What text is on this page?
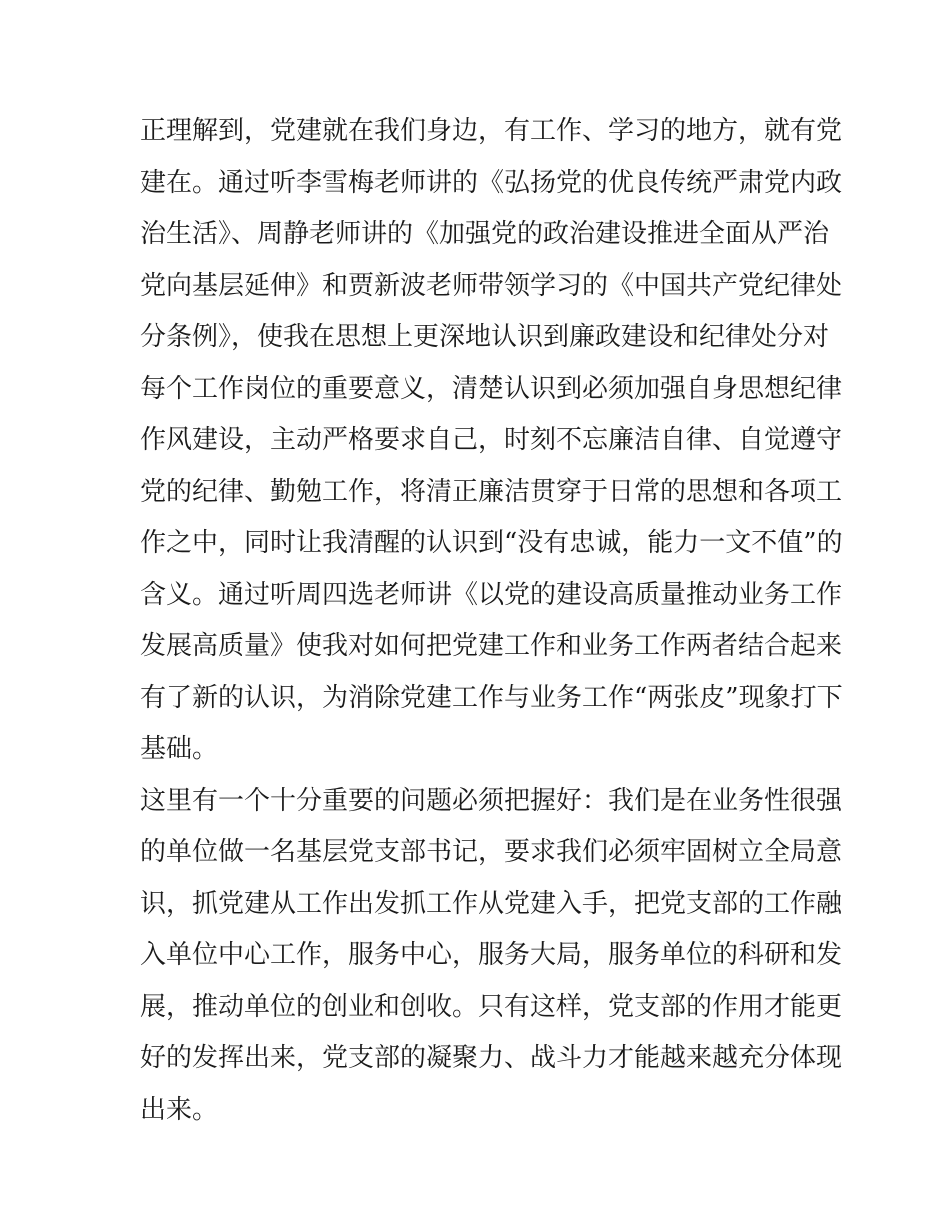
正理解到，党建就在我们身边，有工作、学习的地方，就有党
建在。通过听李雪梅老师讲的《弘扬党的优良传统严肃党内政
治生活》、周静老师讲的《加强党的政治建设推进全面从严治
党向基层延伸》和贾新波老师带领学习的《中国共产党纪律处
分条例》，使我在思想上更深地认识到廉政建设和纪律处分对
每个工作岗位的重要意义，清楚认识到必须加强自身思想纪律
作风建设，主动严格要求自己，时刻不忘廉洁自律、自觉遵守
党的纪律、勤勉工作，将清正廉洁贯穿于日常的思想和各项工
作之中，同时让我清醒的认识到“没有忠诚，能力一文不值”的
含义。通过听周四选老师讲《以党的建设高质量推动业务工作
发展高质量》使我对如何把党建工作和业务工作两者结合起来
有了新的认识，为消除党建工作与业务工作“两张皮”现象打下
基础。
这里有一个十分重要的问题必须把握好：我们是在业务性很强
的单位做一名基层党支部书记，要求我们必须牢固树立全局意
识，抓党建从工作出发抓工作从党建入手，把党支部的工作融
入单位中心工作，服务中心，服务大局，服务单位的科研和发
展，推动单位的创业和创收。只有这样，党支部的作用才能更
好的发挥出来，党支部的凝聚力、战斗力才能越来越充分体现
出来。
